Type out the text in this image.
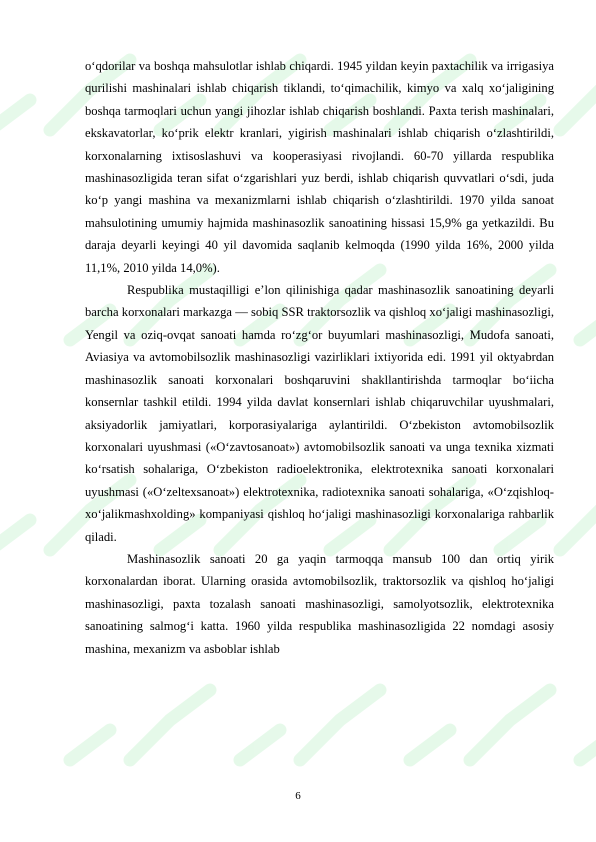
o‘qdorilar va boshqa mahsulotlar ishlab chiqardi. 1945 yildan keyin paxtachilik va irrigasiya qurilishi mashinalari ishlab chiqarish tiklandi, to‘qimachilik, kimyo va xalq xo‘jaligining boshqa tarmoqlari uchun yangi jihozlar ishlab chiqarish boshlandi. Paxta terish mashinalari, ekskavatorlar, ko‘prik elektr kranlari, yigirish mashinalari ishlab chiqarish o‘zlashtirildi, korxonalarning ixtisoslashuvi va kooperasiyasi rivojlandi. 60-70 yillarda respublika mashinasozligida teran sifat o‘zgarishlari yuz berdi, ishlab chiqarish quvvatlari o‘sdi, juda ko‘p yangi mashina va mexanizmlarni ishlab chiqarish o‘zlashtirildi. 1970 yilda sanoat mahsulotining umumiy hajmida mashinasozlik sanoatining hissasi 15,9% ga yetkazildi. Bu daraja deyarli keyingi 40 yil davomida saqlanib kelmoqda (1990 yilda 16%, 2000 yilda 11,1%, 2010 yilda 14,0%).

Respublika mustaqilligi e’lon qilinishiga qadar mashinasozlik sanoatining deyarli barcha korxonalari markazga — sobiq SSR traktorsozlik va qishloq xo‘jaligi mashinasozligi, Yengil va oziq-ovqat sanoati hamda ro‘zg‘or buyumlari mashinasozligi, Mudofa sanoati, Aviasiya va avtomobilsozlik mashinasozligi vazirliklari ixtiyorida edi. 1991 yil oktyabrdan mashinasozlik sanoati korxonalari boshqaruvini shakllantirishda tarmoqlar bo‘iicha konsernlar tashkil etildi. 1994 yilda davlat konsernlari ishlab chiqaruvchilar uyushmalari, aksiyadorlik jamiyatlari, korporasiyalariga aylantirildi. O‘zbekiston avtomobilsozlik korxonalari uyushmasi («O‘zavtosanoat») avtomobilsozlik sanoati va unga texnika xizmati ko‘rsatish sohalariga, O‘zbekiston radioelektronika, elektrotexnika sanoati korxonalari uyushmasi («O‘zeltexsanoat») elektrotexnika, radiotexnika sanoati sohalariga, «O‘zqishloq-xo‘jalikmashxolding» kompaniyasi qishloq ho‘jaligi mashinasozligi korxonalariga rahbarlik qiladi.

Mashinasozlik sanoati 20 ga yaqin tarmoqqa mansub 100 dan ortiq yirik korxonalardan iborat. Ularning orasida avtomobilsozlik, traktorsozlik va qishloq ho‘jaligi mashinasozligi, paxta tozalash sanoati mashinasozligi, samolyotsozlik, elektrotexnika sanoatining salmog‘i katta. 1960 yilda respublika mashinasozligida 22 nomdagi asosiy mashina, mexanizm va asboblar ishlab

6
